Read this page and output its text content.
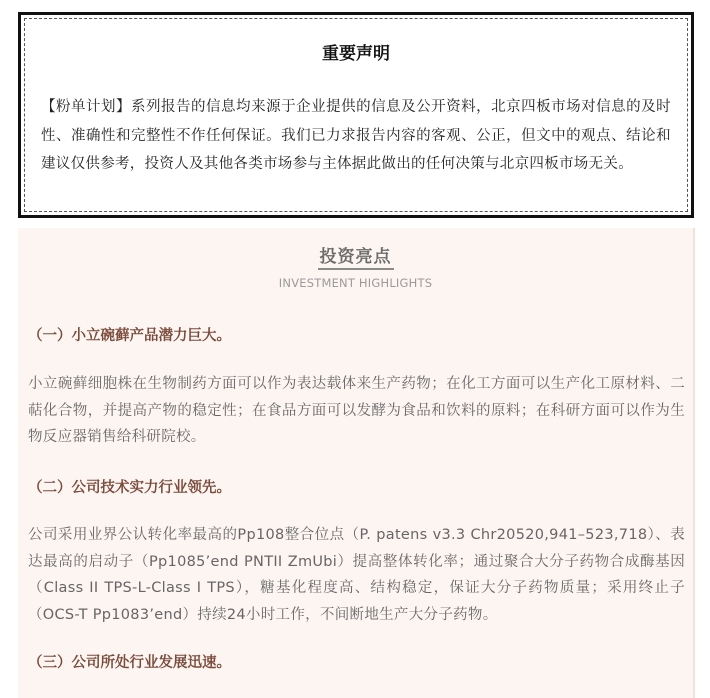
重要声明
【粉单计划】系列报告的信息均来源于企业提供的信息及公开资料，北京四板市场对信息的及时性、准确性和完整性不作任何保证。我们已力求报告内容的客观、公正，但文中的观点、结论和建议仅供参考，投资人及其他各类市场参与主体据此做出的任何决策与北京四板市场无关。
投资亮点
INVESTMENT HIGHLIGHTS
（一）小立碗藓产品潜力巨大。
小立碗藓细胞株在生物制药方面可以作为表达载体来生产药物；在化工方面可以生产化工原材料、二萜化合物，并提高产物的稳定性；在食品方面可以发酵为食品和饮料的原料；在科研方面可以作为生物反应器销售给科研院校。
（二）公司技术实力行业领先。
公司采用业界公认转化率最高的Pp108整合位点（P. patens v3.3 Chr20520,941–523,718）、表达最高的启动子（Pp1085’end PNTII ZmUbi）提高整体转化率；通过聚合大分子药物合成酶基因（Class II TPS-L-Class I TPS），糖基化程度高、结构稳定，保证大分子药物质量；采用终止子（OCS-T Pp1083’end）持续24小时工作，不间断地生产大分子药物。
（三）公司所处行业发展迅速。
